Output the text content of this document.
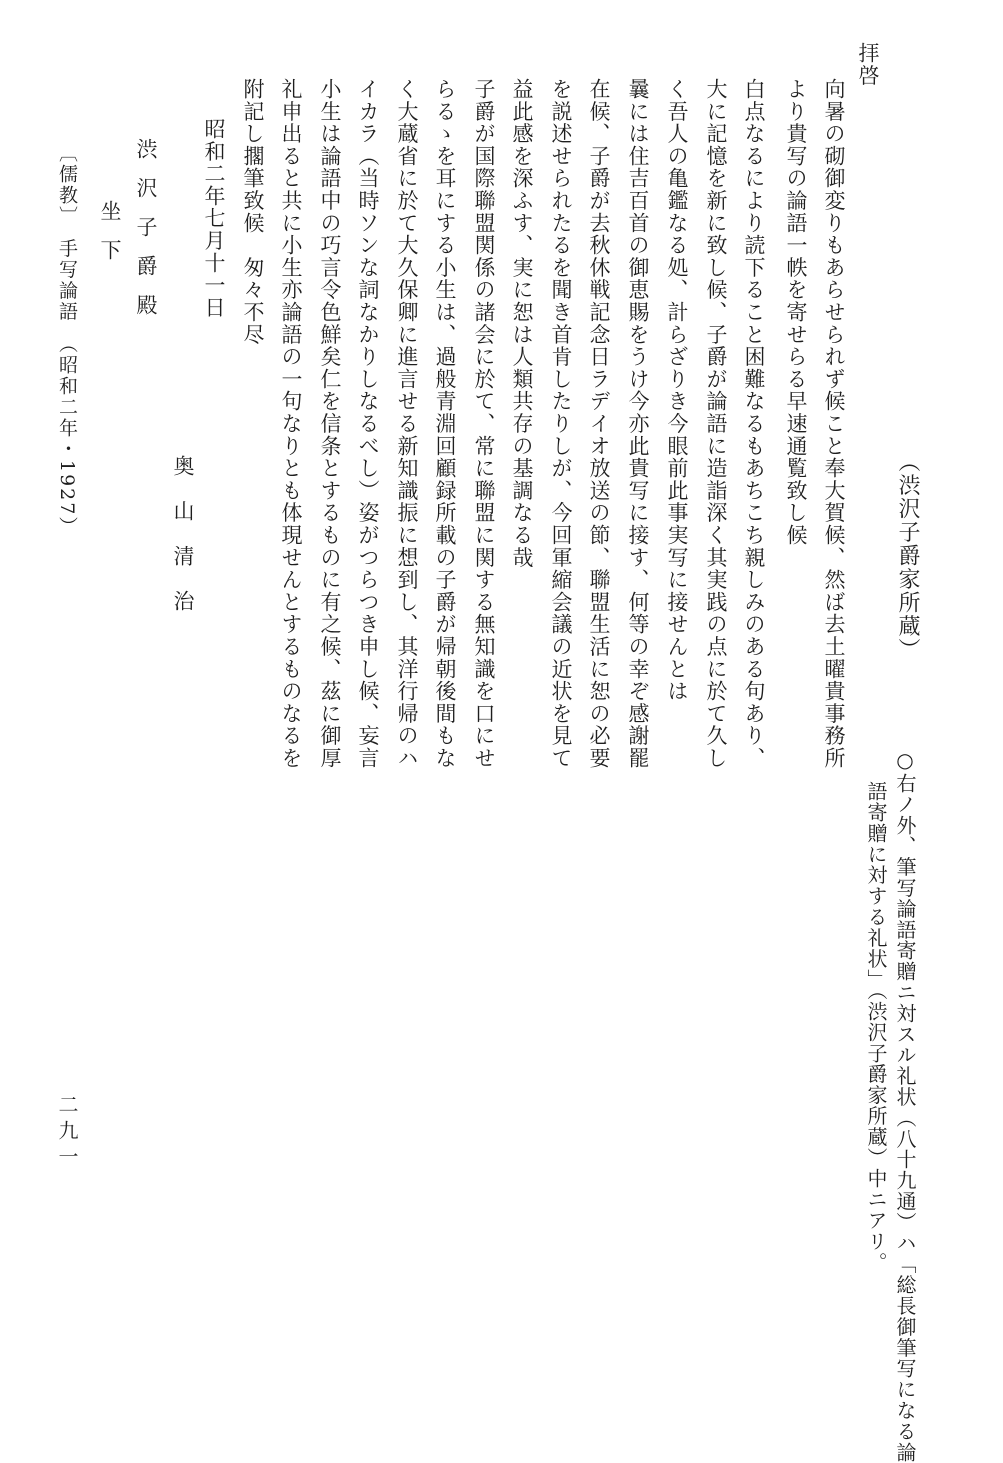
（渋沢子爵家所蔵）
○右ノ外、筆写論語寄贈ニ対スル礼状（八十九通）ハ「総長御筆写になる論
語寄贈に対する礼状」（渋沢子爵家所蔵）中ニアリ。
拝啓
向暑の砌御変りもあらせられず候こと奉大賀候、然ば去土曜貴事務所
より貴写の論語一帙を寄せらる早速通覧致し候
白点なるにより読下ること困難なるもあちこち親しみのある句あり、
大に記憶を新に致し候、子爵が論語に造詣深く其実践の点に於て久し
く吾人の亀鑑なる処、計らざりき今眼前此事実写に接せんとは
曩には住吉百首の御恵賜をうけ今亦此貴写に接す、何等の幸ぞ感謝罷
在候、子爵が去秋休戦記念日ラデイオ放送の節、聯盟生活に恕の必要
を説述せられたるを聞き首肯したりしが、今回軍縮会議の近状を見て
益此感を深ふす、実に恕は人類共存の基調なる哉
子爵が国際聯盟関係の諸会に於て、常に聯盟に関する無知識を口にせ
らるゝを耳にする小生は、過般青淵回顧録所載の子爵が帰朝後間もな
く大蔵省に於て大久保卿に進言せる新知識振に想到し、其洋行帰のハ
イカラ（当時ソンな詞なかりしなるべし）姿がつらつき申し候、妄言
小生は論語中の巧言令色鮮矣仁を信条とするものに有之候、茲に御厚
礼申出ると共に小生亦論語の一句なりとも体現せんとするものなるを
附記し擱筆致候　匆々不尽
昭和二年七月十一日
奥山清治
渋沢子爵殿
坐下
〔儒教〕　手写論語　（昭和二年・1927）
二九一
